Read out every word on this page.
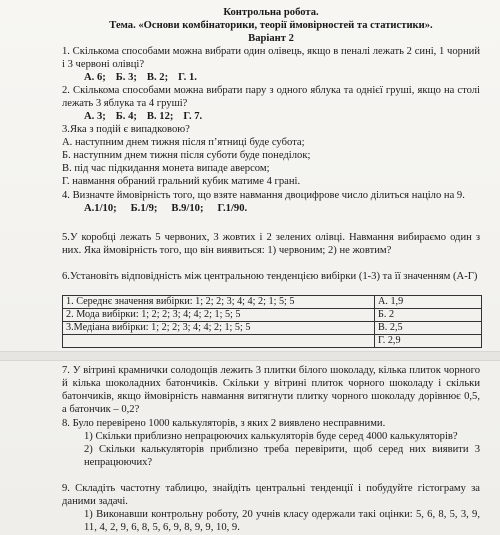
Контрольна робота.
Тема. «Основи комбінаторики, теорії ймовірностей та статистики».
Варіант 2
1. Скількома способами можна вибрати один олівець, якщо в пеналі лежать 2 сині, 1 чорний і 3 червоні олівці?
А. 6; Б. 3; В. 2; Г. 1.
2. Скількома способами можна вибрати пару з одного яблука та однієї груші, якщо на столі лежать 3 яблука та 4 груші?
А. 3; Б. 4; В. 12; Г. 7.
3.Яка з подій є випадковою?
А. наступним днем тижня після п’ятниці буде субота;
Б. наступним днем тижня після суботи буде понеділок;
В. під час підкидання монета випаде аверсом;
Г. навмання обраний гральний кубик матиме 4 грані.
4. Визначте ймовірність того, що взяте навмання двоцифрове число ділиться націло на 9.
А.1/10; Б.1/9; В.9/10; Г.1/90.
5.У коробці лежать 5 червоних, 3 жовтих і 2 зелених олівці. Навмання вибираємо один з них. Яка ймовірність того, що він виявиться: 1) червоним; 2) не жовтим?
6.Установіть відповідність між центральною тенденцією вибірки (1-3) та її значенням (А-Г)
1. Середнє значення вибірки: 1; 2; 2; 3; 4; 4; 2; 1; 5; 5	А. 1,9
2. Мода вибірки: 1; 2; 2; 3; 4; 4; 2; 1; 5; 5	Б. 2
3.Медіана вибірки: 1; 2; 2; 3; 4; 4; 2; 1; 5; 5	В. 2,5
	Г. 2,9
7. У вітрині крамнички солодощів лежить 3 плитки білого шоколаду, кілька плиток чорного й кілька шоколадних батончиків. Скільки у вітрині плиток чорного шоколаду і скільки батончиків, якщо ймовірність навмання витягнути плитку чорного шоколаду дорівнює 0,5, а батончик – 0,2?
8. Було перевірено 1000 калькуляторів, з яких 2 виявлено несправними.
1) Скільки приблизно непрацюючих калькуляторів буде серед 4000 калькуляторів?
2) Скільки калькуляторів приблизно треба перевірити, щоб серед них виявити 3 непрацюючих?
9. Складіть частотну таблицю, знайдіть центральні тенденції і побудуйте гістограму за даними задачі.
1) Виконавши контрольну роботу, 20 учнів класу одержали такі оцінки: 5, 6, 8, 5, 3, 9, 11, 4, 2, 9, 6, 8, 5, 6, 9, 8, 9, 9, 10, 9.
